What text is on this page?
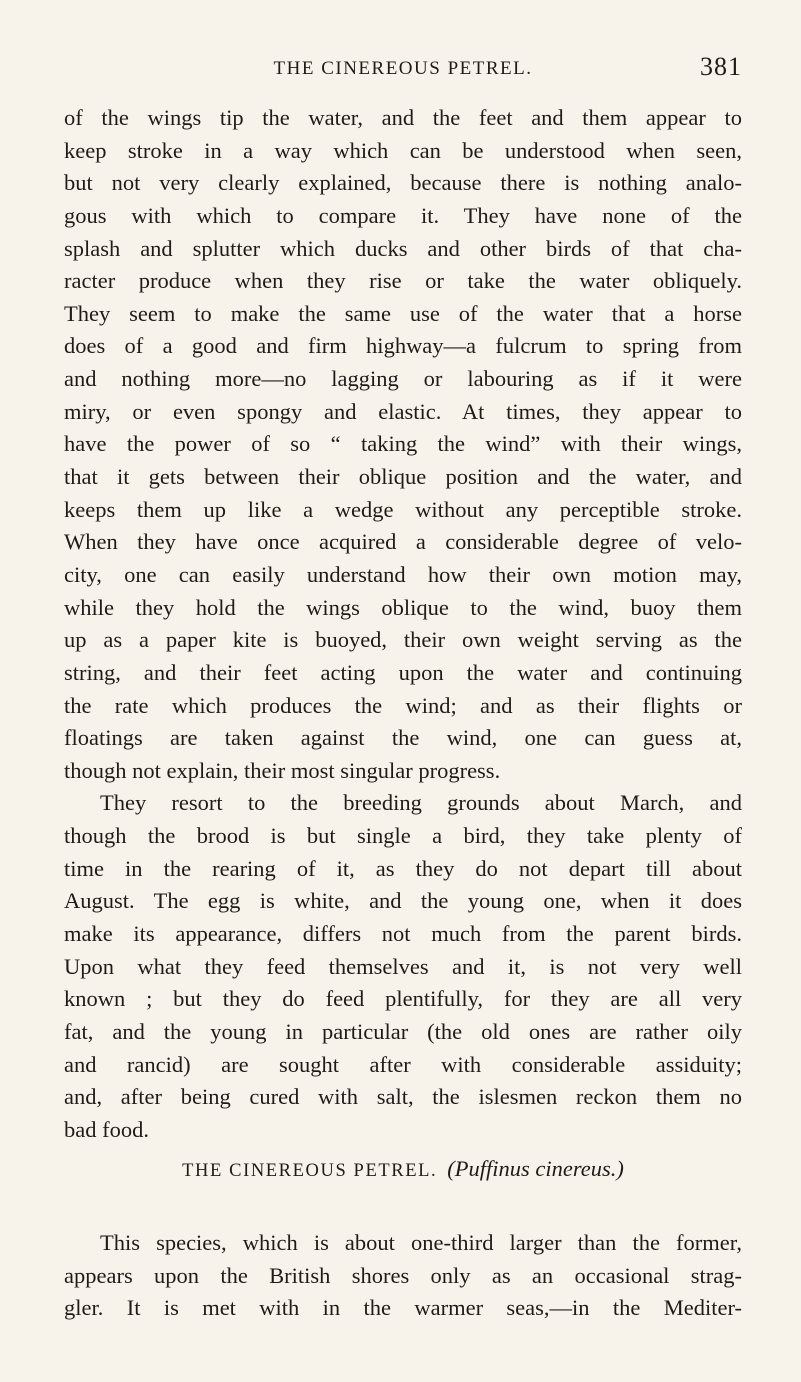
THE CINEREOUS PETREL.	381
of the wings tip the water, and the feet and them appear to
keep stroke in a way which can be understood when seen,
but not very clearly explained, because there is nothing analo-
gous with which to compare it. They have none of the
splash and splutter which ducks and other birds of that cha-
racter produce when they rise or take the water obliquely.
They seem to make the same use of the water that a horse
does of a good and firm highway—a fulcrum to spring from
and nothing more—no lagging or labouring as if it were
miry, or even spongy and elastic. At times, they appear to
have the power of so “ taking the wind” with their wings,
that it gets between their oblique position and the water, and
keeps them up like a wedge without any perceptible stroke.
When they have once acquired a considerable degree of velo-
city, one can easily understand how their own motion may,
while they hold the wings oblique to the wind, buoy them
up as a paper kite is buoyed, their own weight serving as the
string, and their feet acting upon the water and continuing
the rate which produces the wind; and as their flights or
floatings are taken against the wind, one can guess at,
though not explain, their most singular progress.
They resort to the breeding grounds about March, and
though the brood is but single a bird, they take plenty of
time in the rearing of it, as they do not depart till about
August. The egg is white, and the young one, when it does
make its appearance, differs not much from the parent birds.
Upon what they feed themselves and it, is not very well
known ; but they do feed plentifully, for they are all very
fat, and the young in particular (the old ones are rather oily
and rancid) are sought after with considerable assiduity;
and, after being cured with salt, the islesmen reckon them no
bad food.
THE CINEREOUS PETREL. (Puffinus cinereus.)
This species, which is about one-third larger than the former,
appears upon the British shores only as an occasional strag-
gler. It is met with in the warmer seas,—in the Mediter-
